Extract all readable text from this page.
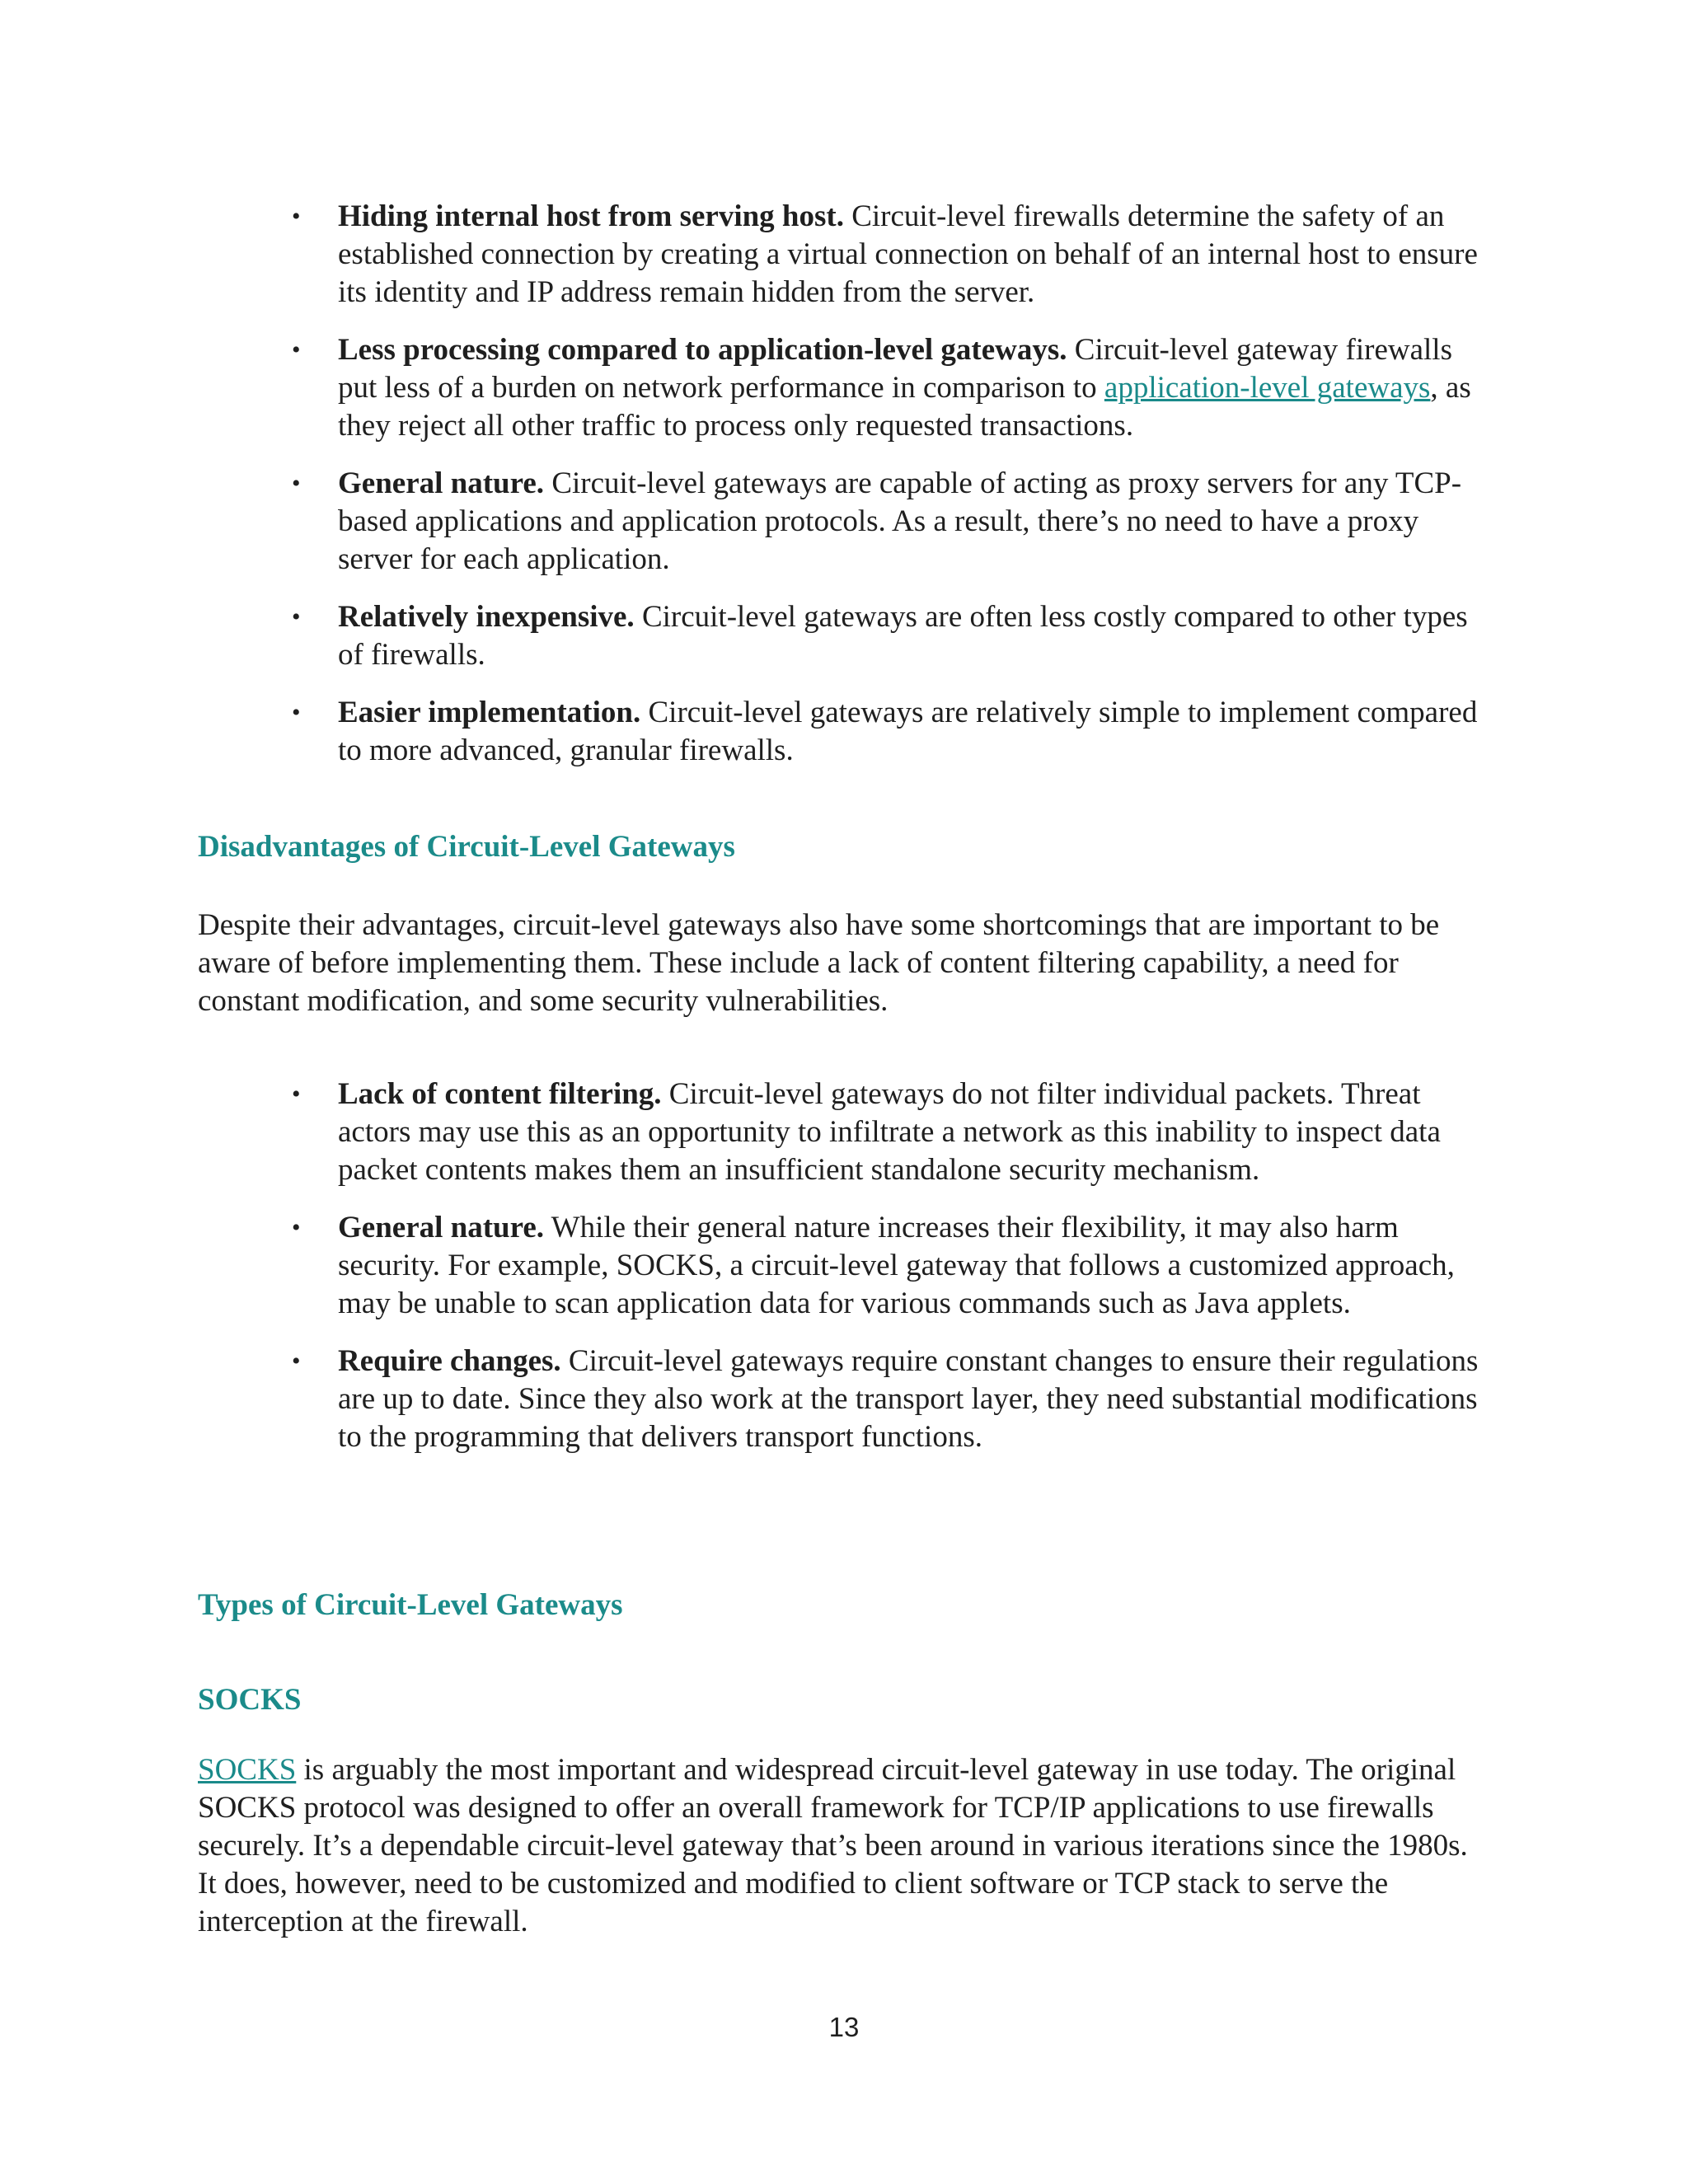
• Hiding internal host from serving host. Circuit-level firewalls determine the safety of an established connection by creating a virtual connection on behalf of an internal host to ensure its identity and IP address remain hidden from the server.
• Less processing compared to application-level gateways. Circuit-level gateway firewalls put less of a burden on network performance in comparison to application-level gateways, as they reject all other traffic to process only requested transactions.
• General nature. Circuit-level gateways are capable of acting as proxy servers for any TCP-based applications and application protocols. As a result, there’s no need to have a proxy server for each application.
• Relatively inexpensive. Circuit-level gateways are often less costly compared to other types of firewalls.
• Easier implementation. Circuit-level gateways are relatively simple to implement compared to more advanced, granular firewalls.
Disadvantages of Circuit-Level Gateways

Despite their advantages, circuit-level gateways also have some shortcomings that are important to be aware of before implementing them. These include a lack of content filtering capability, a need for constant modification, and some security vulnerabilities.

• Lack of content filtering. Circuit-level gateways do not filter individual packets. Threat actors may use this as an opportunity to infiltrate a network as this inability to inspect data packet contents makes them an insufficient standalone security mechanism.
• General nature. While their general nature increases their flexibility, it may also harm security. For example, SOCKS, a circuit-level gateway that follows a customized approach, may be unable to scan application data for various commands such as Java applets.
• Require changes. Circuit-level gateways require constant changes to ensure their regulations are up to date. Since they also work at the transport layer, they need substantial modifications to the programming that delivers transport functions.
Types of Circuit-Level Gateways
SOCKS

SOCKS is arguably the most important and widespread circuit-level gateway in use today. The original SOCKS protocol was designed to offer an overall framework for TCP/IP applications to use firewalls securely. It’s a dependable circuit-level gateway that’s been around in various iterations since the 1980s. It does, however, need to be customized and modified to client software or TCP stack to serve the interception at the firewall.

13
